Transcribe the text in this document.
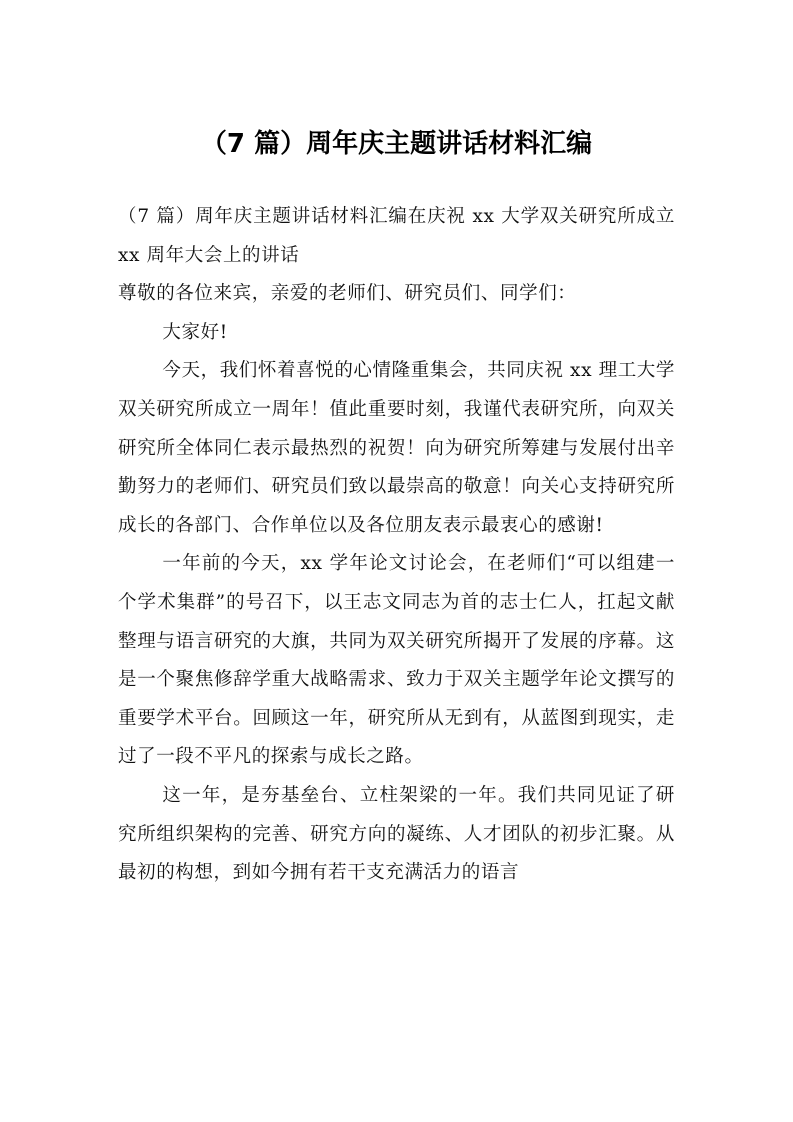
（7 篇）周年庆主题讲话材料汇编

（7 篇）周年庆主题讲话材料汇编在庆祝 xx 大学双关研究所成立 xx 周年大会上的讲话

尊敬的各位来宾，亲爱的老师们、研究员们、同学们：

大家好!

今天，我们怀着喜悦的心情隆重集会，共同庆祝 xx 理工大学双关研究所成立一周年！值此重要时刻，我谨代表研究所，向双关研究所全体同仁表示最热烈的祝贺！向为研究所筹建与发展付出辛勤努力的老师们、研究员们致以最崇高的敬意！向关心支持研究所成长的各部门、合作单位以及各位朋友表示最衷心的感谢!

一年前的今天，xx 学年论文讨论会，在老师们“可以组建一个学术集群”的号召下，以王志文同志为首的志士仁人，扛起文献整理与语言研究的大旗，共同为双关研究所揭开了发展的序幕。这是一个聚焦修辞学重大战略需求、致力于双关主题学年论文撰写的重要学术平台。回顾这一年，研究所从无到有，从蓝图到现实，走过了一段不平凡的探索与成长之路。

这一年，是夯基垒台、立柱架梁的一年。我们共同见证了研究所组织架构的完善、研究方向的凝练、人才团队的初步汇聚。从最初的构想，到如今拥有若干支充满活力的语言
